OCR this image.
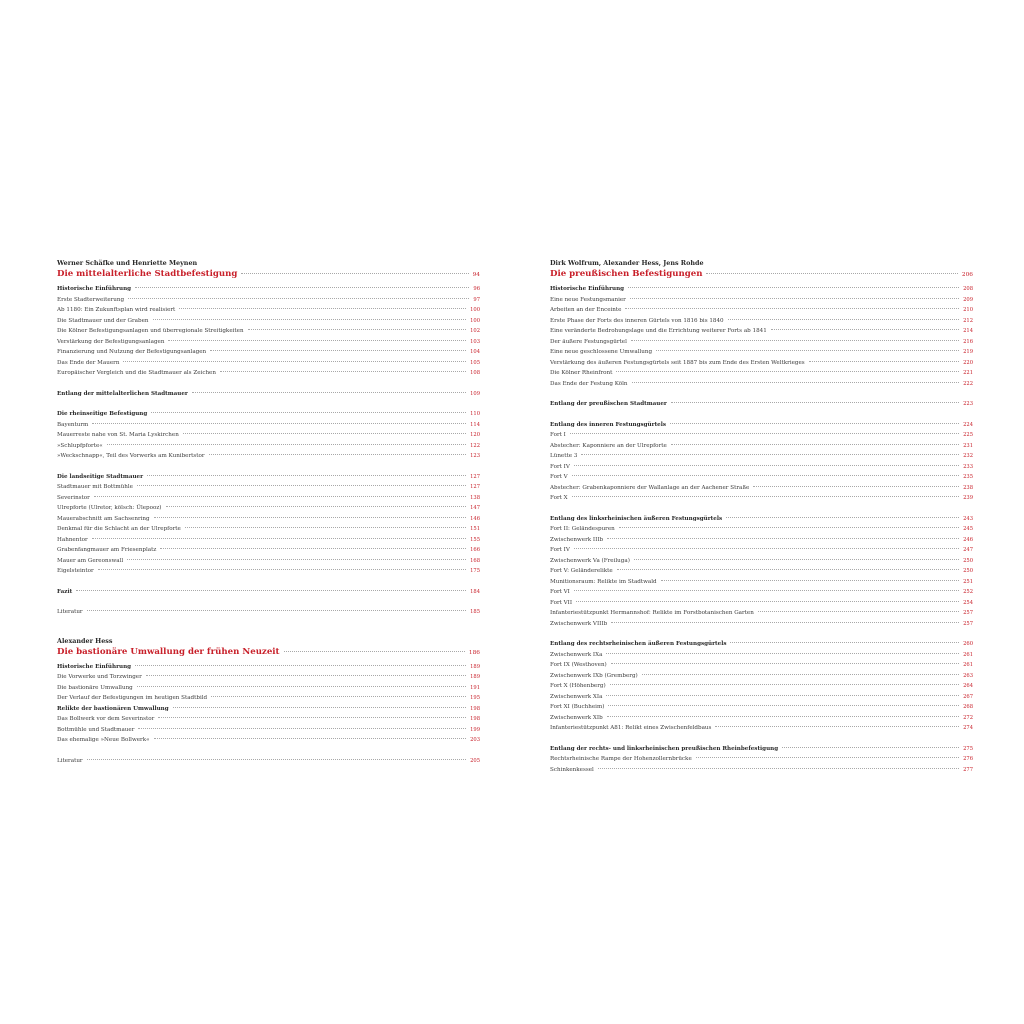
Werner Schäfke und Henriette Meynen
Die mittelalterliche Stadtbefestigung	94
Historische Einführung	96
Erste Stadterweiterung	97
Ab 1180: Ein Zukunftsplan wird realisiert	100
Die Stadtmauer und der Graben	100
Die Kölner Befestigungsanlagen und überregionale Streitigkeiten	102
Verstärkung der Befestigungsanlagen	103
Finanzierung und Nutzung der Befestigungsanlagen	104
Das Ende der Mauern	105
Europäischer Vergleich und die Stadtmauer als Zeichen	108
Entlang der mittelalterlichen Stadtmauer	109
Die rheinseitige Befestigung	110
Bayenturm	114
Mauerreste nahe von St. Maria Lyskirchen	120
»Schlupfpforte«	122
»Weckschnapp«, Teil des Vorwerks am Kunibertstor	123
Die landseitige Stadtmauer	127
Stadtmauer mit Bottmühle	127
Severinstor	138
Ulrepforte (Ulretor, kölsch: Ülepooz)	147
Mauerabschnitt am Sachsenring	146
Denkmal für die Schlacht an der Ulrepforte	151
Hahnentor	155
Grabenfangmauer am Friesenplatz	166
Mauer am Gereonswall	168
Eigelsteintor	175
Fazit	184
Literatur	185
Alexander Hess
Die bastionäre Umwallung der frühen Neuzeit	186
Historische Einführung	189
Die Vorwerke und Torzwinger	189
Die bastionäre Umwallung	191
Der Verlauf der Befestigungen im heutigen Stadtbild	195
Relikte der bastionären Umwallung	198
Das Bollwerk vor dem Severinstor	198
Bottmühle und Stadtmauer	199
Das ehemalige »Neue Bollwerk«	203
Literatur	205
Dirk Wolfrum, Alexander Hess, Jens Rohde
Die preußischen Befestigungen	206
Historische Einführung	208
Eine neue Festungsmanier	209
Arbeiten an der Enceinte	210
Erste Phase der Forts des inneren Gürtels von 1816 bis 1840	212
Eine veränderte Bedrohungslage und die Errichtung weiterer Forts ab 1841	214
Der äußere Festungsgürtel	216
Eine neue geschlossene Umwallung	219
Verstärkung des äußeren Festungsgürtels seit 1887 bis zum Ende des Ersten Weltkrieges	220
Die Kölner Rheinfront	221
Das Ende der Festung Köln	222
Entlang der preußischen Stadtmauer	223
Entlang des inneren Festungsgürtels	224
Fort I	225
Abstecher: Kaponniere an der Ulrepforte	231
Lünette 3	232
Fort IV	233
Fort V	235
Abstecher: Grabenkaponniere der Wallanlage an der Aachener Straße	238
Fort X	239
Entlang des linksrheinischen äußeren Festungsgürtels	243
Fort II: Geländespuren	245
Zwischenwerk IIIb	246
Fort IV	247
Zwischenwerk Va (Freiluga)	250
Fort V: Geländerelikte	250
Munitionsraum: Relikte im Stadtwald	251
Fort VI	252
Fort VII	254
Infanteriestützpunkt Hermannshof: Relikte im Forstbotanischen Garten	257
Zwischenwerk VIIIb	257
Entlang des rechtsrheinischen äußeren Festungsgürtels	260
Zwischenwerk IXa	261
Fort IX (Westhoven)	261
Zwischenwerk IXb (Gremberg)	263
Fort X (Höhenberg)	264
Zwischenwerk XIa	267
Fort XI (Buchheim)	268
Zwischenwerk XIb	272
Infanteriestützpunkt A81: Relikt eines Zwischenfeldbaus	274
Entlang der rechts- und linksrheinischen preußischen Rheinbefestigung	275
Rechtsrheinische Rampe der Hohenzollernbrücke	276
Schinkenkessel	277
